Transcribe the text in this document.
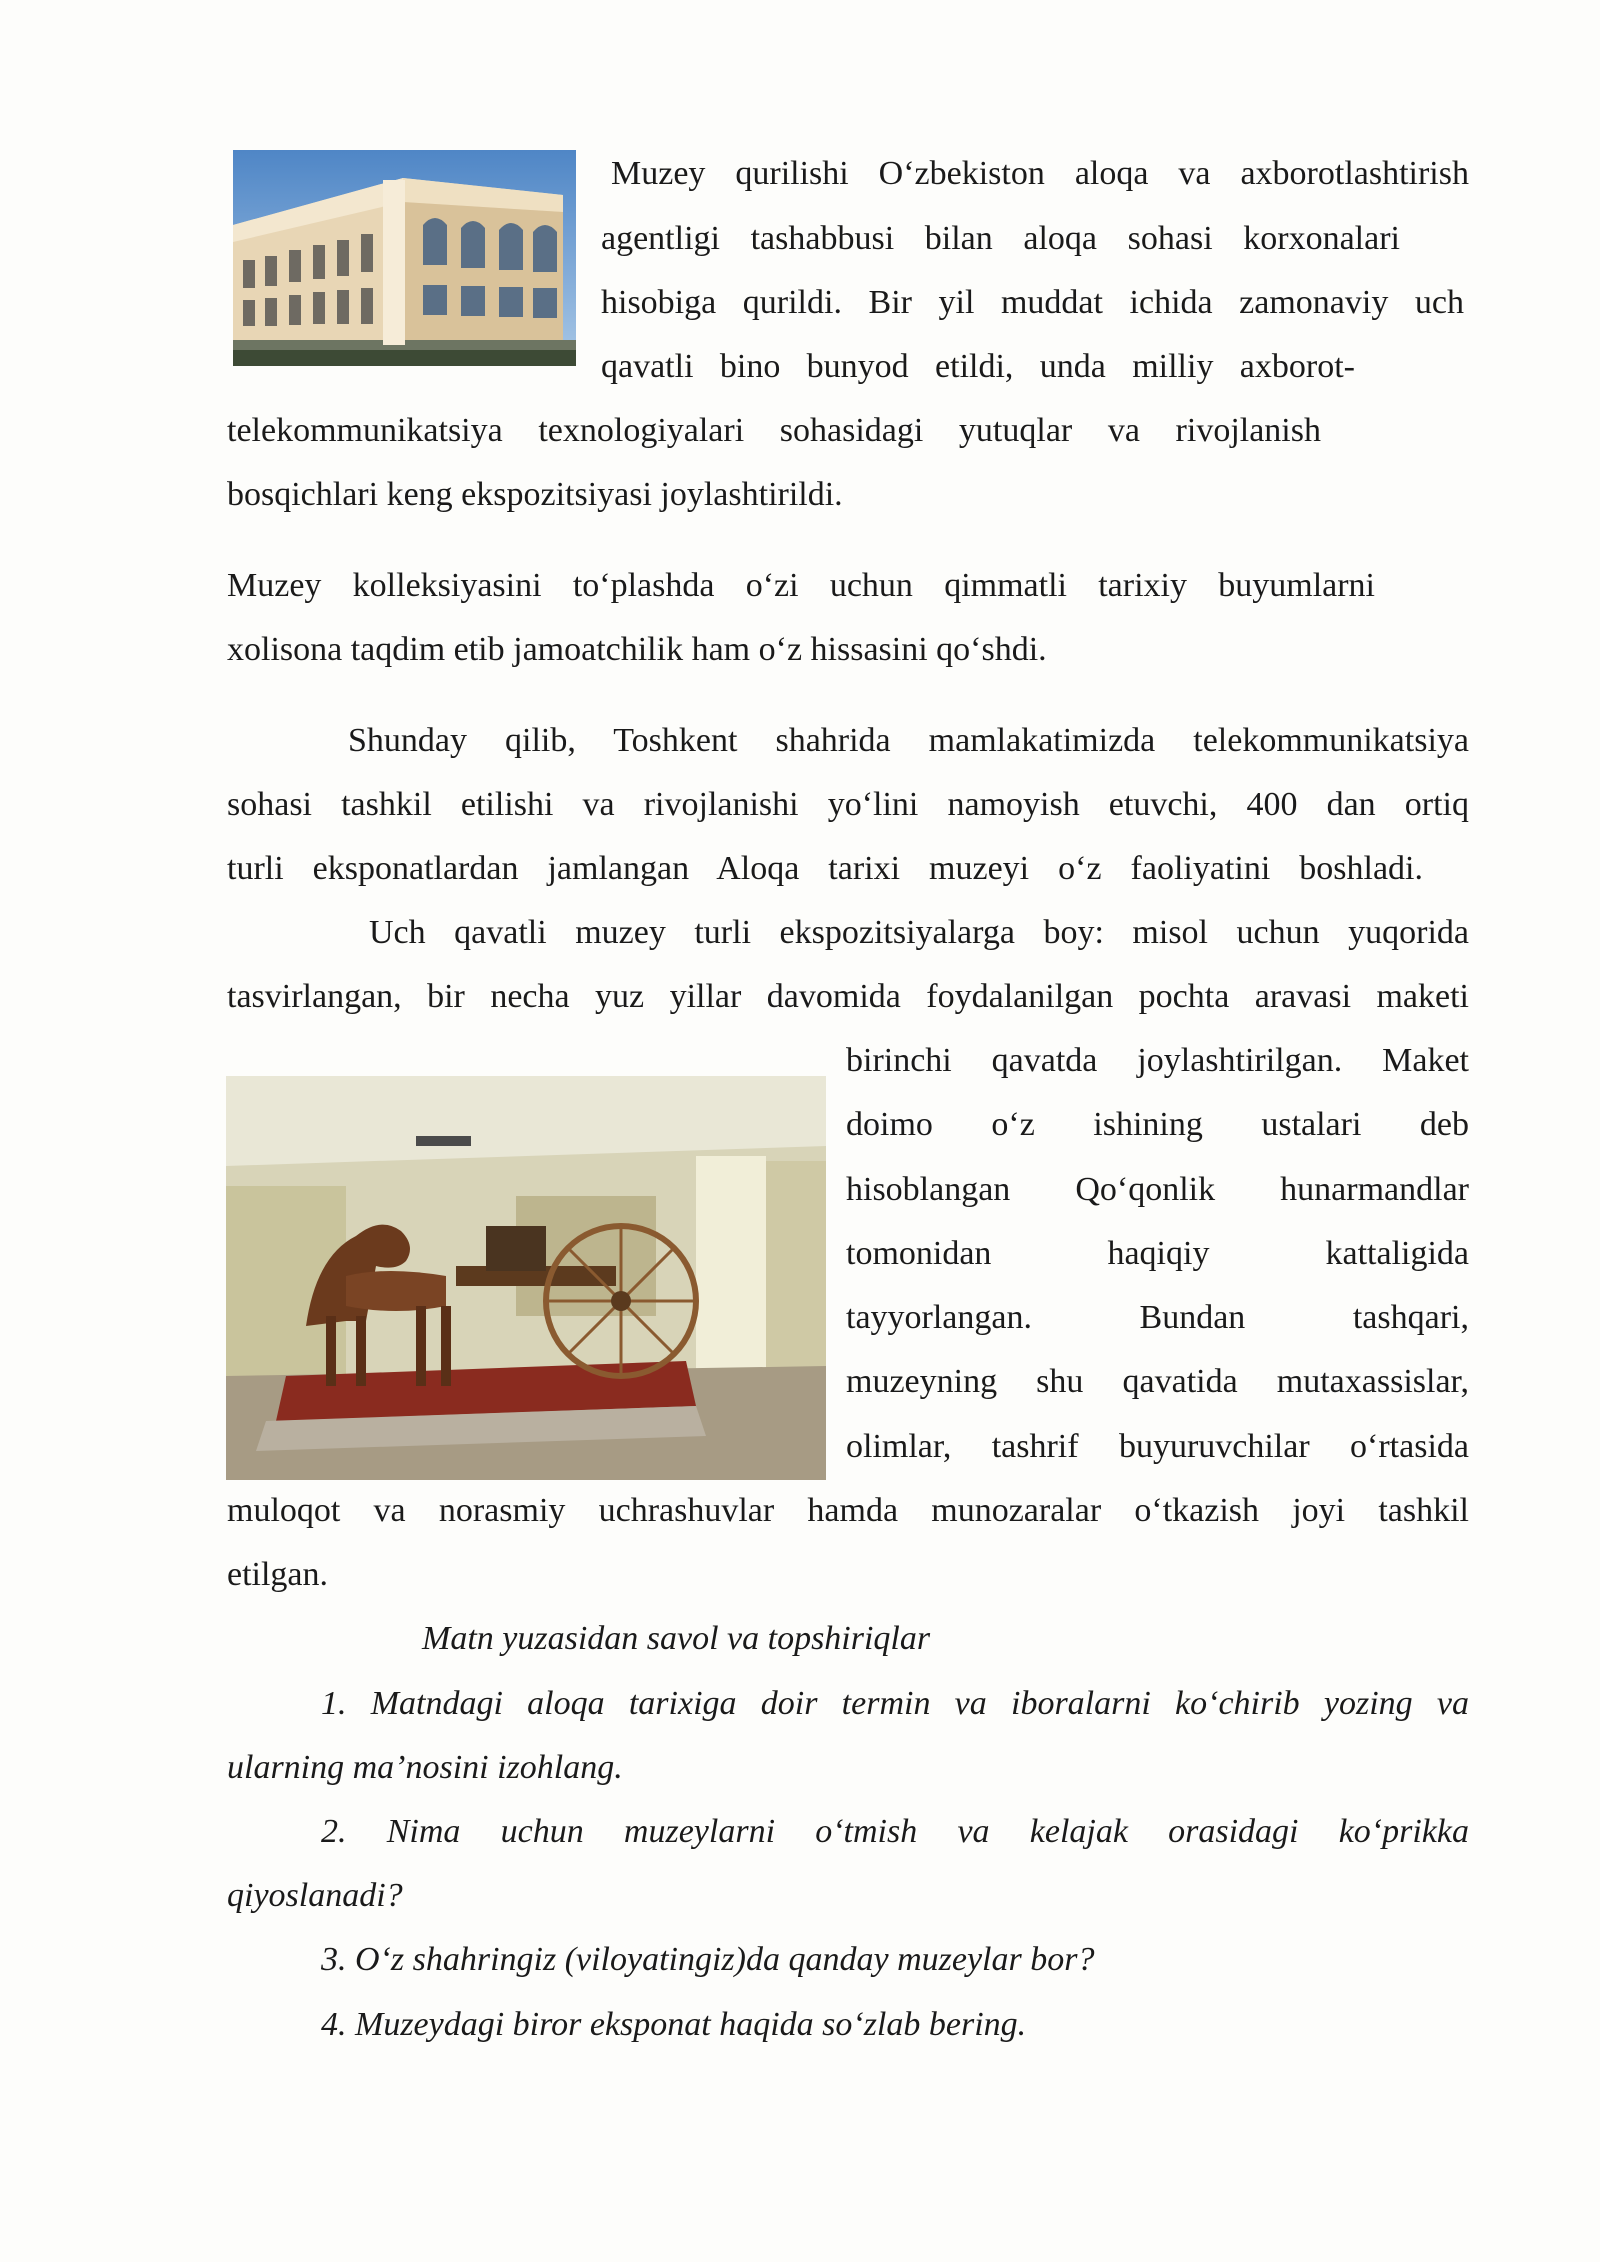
Muzey qurilishi O‘zbekiston aloqa va axborotlashtirish
agentligi tashabbusi bilan aloqa sohasi korxonalari
hisobiga qurildi. Bir yil muddat ichida zamonaviy uch
qavatli bino bunyod etildi, unda milliy axborot-
telekommunikatsiya texnologiyalari sohasidagi yutuqlar va rivojlanish
bosqichlari keng ekspozitsiyasi joylashtirildi.
Muzey kolleksiyasini to‘plashda o‘zi uchun qimmatli tarixiy buyumlarni
xolisona taqdim etib jamoatchilik ham o‘z hissasini qo‘shdi.
Shunday qilib, Toshkent shahrida mamlakatimizda telekommunikatsiya
sohasi tashkil etilishi va rivojlanishi yo‘lini namoyish etuvchi, 400 dan ortiq
turli eksponatlardan jamlangan Aloqa tarixi muzeyi o‘z faoliyatini boshladi.
Uch qavatli muzey turli ekspozitsiyalarga boy: misol uchun yuqorida
tasvirlangan, bir necha yuz yillar davomida foydalanilgan pochta aravasi maketi
birinchi qavatda joylashtirilgan. Maket
doimo o‘z ishining ustalari deb
hisoblangan Qo‘qonlik hunarmandlar
tomonidan haqiqiy kattaligida
tayyorlangan. Bundan tashqari,
muzeyning shu qavatida mutaxassislar,
olimlar, tashrif buyuruvchilar o‘rtasida
muloqot va norasmiy uchrashuvlar hamda munozaralar o‘tkazish joyi tashkil
etilgan.
Matn yuzasidan savol va topshiriqlar
1. Matndagi aloqa tarixiga doir termin va iboralarni ko‘chirib yozing va
ularning ma’nosini izohlang.
2. Nima uchun muzeylarni o‘tmish va kelajak orasidagi ko‘prikka
qiyoslanadi?
3. O‘z shahringiz (viloyatingiz)da qanday muzeylar bor?
4. Muzeydagi biror eksponat haqida so‘zlab bering.
